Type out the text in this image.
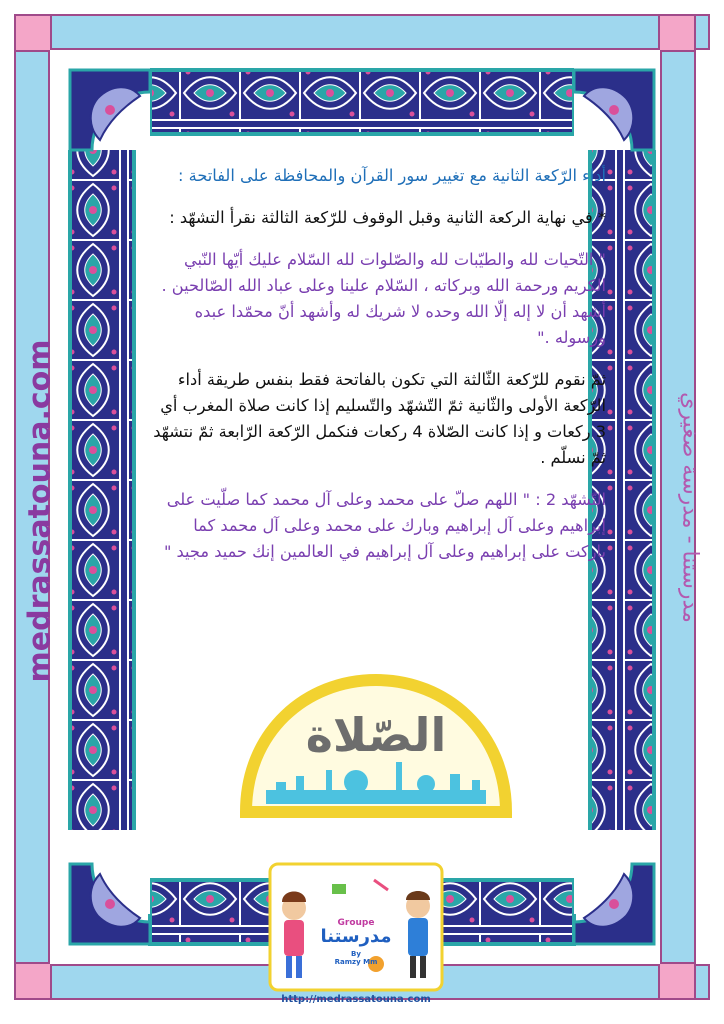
medrassatouna.com	مدرستنا - مدرسة صغيري

أداء الرّكعة الثانية مع تغيير سور القرآن والمحافظة على الفاتحة :

* في نهاية الركعة الثانية وقبل الوقوف للرّكعة الثالثة نقرأ التشهّد :

" التّحيات لله والطيّبات لله والصّلوات لله السّلام عليك أيّها النّبي الكريم ورحمة الله وبركاته ، السّلام علينا وعلى عباد الله الصّالحين . أشهد أن لا إله إلّا الله وحده لا شريك له وأشهد أنّ محمّدا عبده ورسوله ."

ثمّ نقوم للرّكعة الثّالثة التي تكون بالفاتحة فقط بنفس طريقة أداء الرّكعة الأولى والثّانية ثمّ التّشهّد والتّسليم إذا كانت صلاة المغرب أي 3 ركعات و إذا كانت الصّلاة 4 ركعات فنكمل الرّكعة الرّابعة ثمّ نتشهّد ثمّ نسلّم .

التّشهّد 2 : " اللهم صلّ على محمد وعلى آل محمد كما صلّيت على إبراهيم وعلى آل إبراهيم وبارك على محمد وعلى آل محمد كما باركت على إبراهيم وعلى آل إبراهيم في العالمين إنك حميد مجيد "

الصّلاة
Groupe
مدرستنا
By
Ramzy Mm
http://medrassatouna.com
